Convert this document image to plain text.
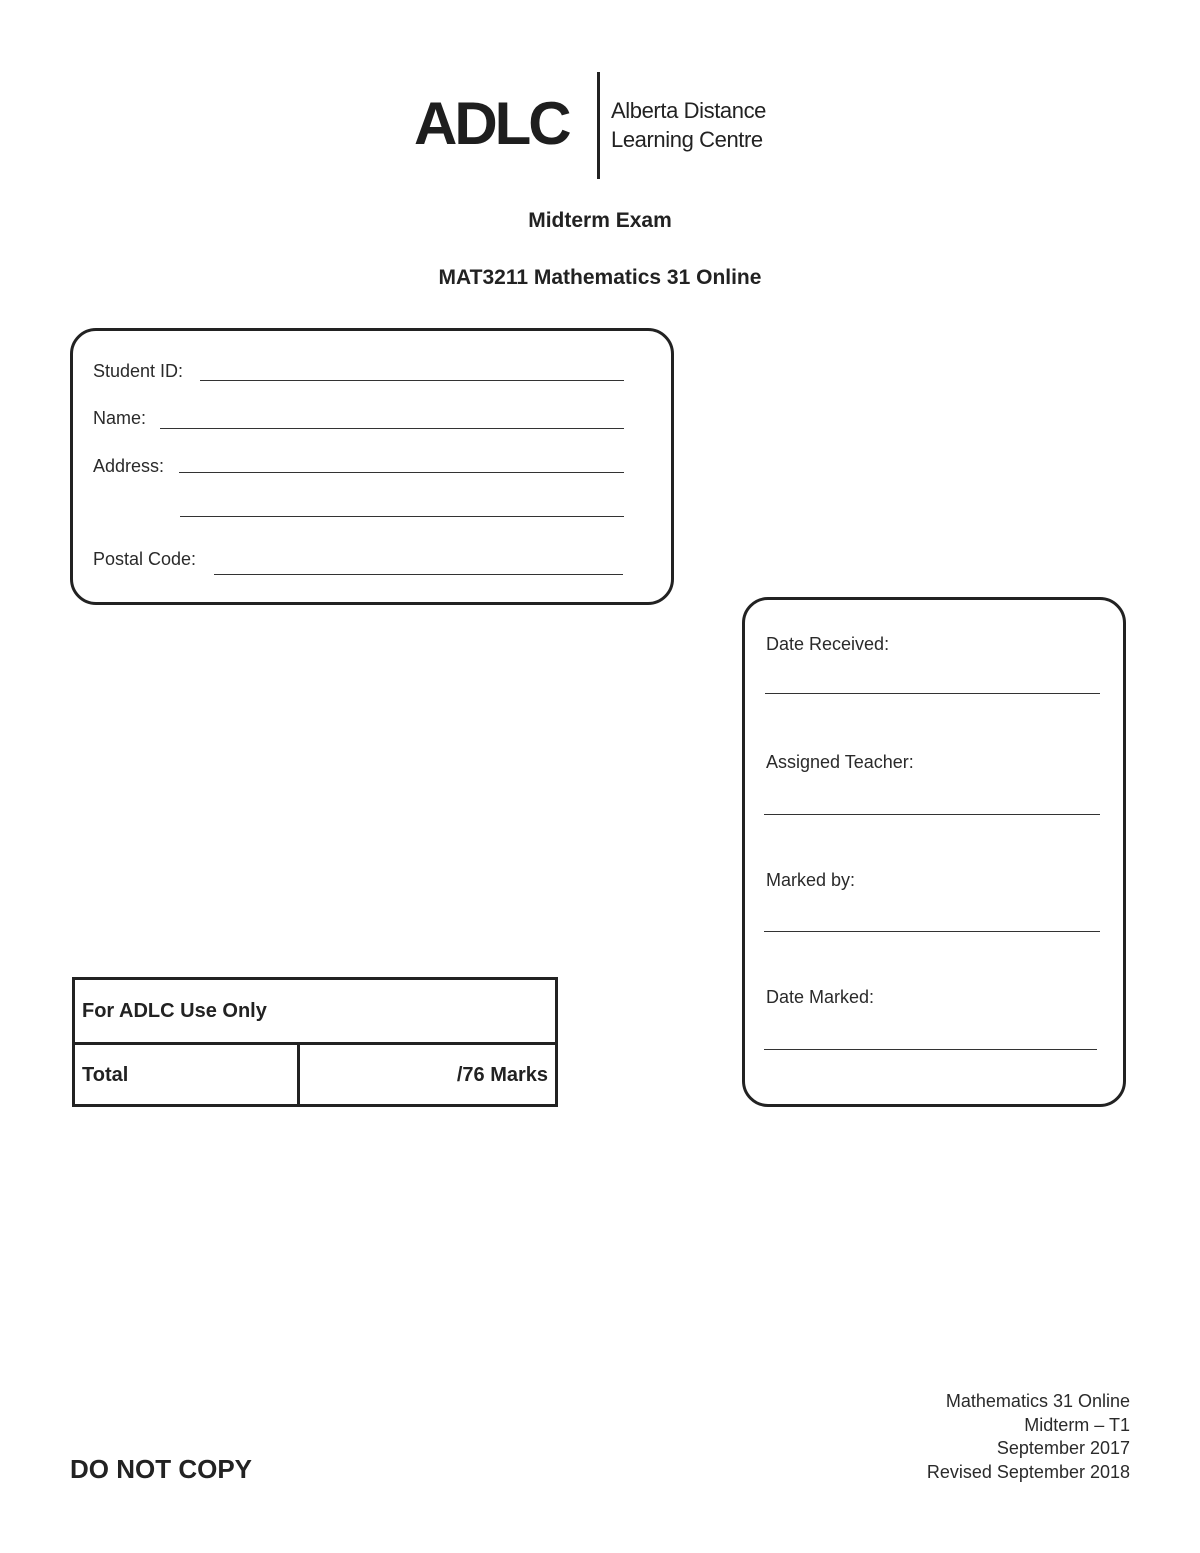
ADLC Alberta Distance
Learning Centre
Midterm Exam
MAT3211 Mathematics 31 Online
Student ID:
Name:
Address:
Postal Code:
Date Received:
Assigned Teacher:
Marked by:
Date Marked:
For ADLC Use Only
Total	/76 Marks
DO NOT COPY
Mathematics 31 Online
Midterm – T1
September 2017
Revised September 2018
